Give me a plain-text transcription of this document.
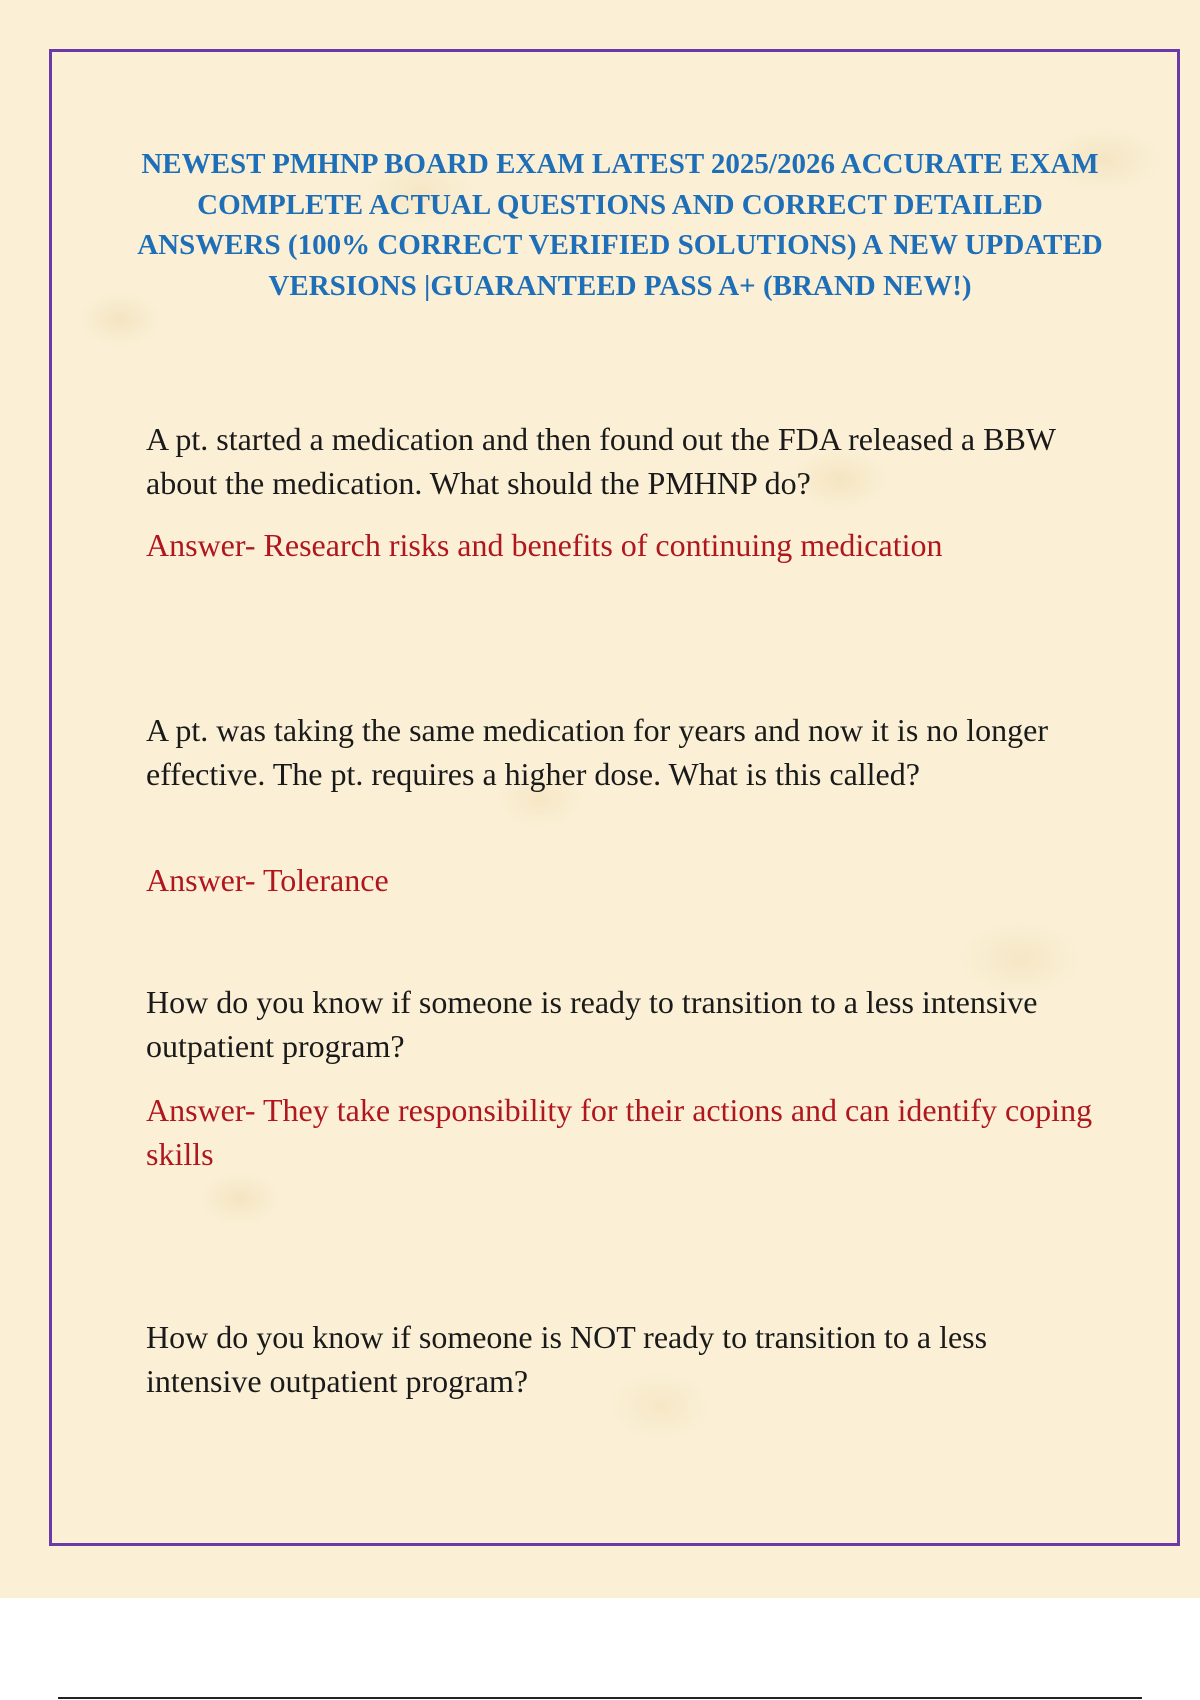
NEWEST PMHNP BOARD EXAM LATEST 2025/2026 ACCURATE EXAM COMPLETE ACTUAL QUESTIONS AND CORRECT DETAILED ANSWERS (100% CORRECT VERIFIED SOLUTIONS) A NEW UPDATED VERSIONS |GUARANTEED PASS A+ (BRAND NEW!)

A pt. started a medication and then found out the FDA released a BBW about the medication. What should the PMHNP do?

Answer- Research risks and benefits of continuing medication

A pt. was taking the same medication for years and now it is no longer effective. The pt. requires a higher dose. What is this called?

Answer- Tolerance

How do you know if someone is ready to transition to a less intensive outpatient program?

Answer- They take responsibility for their actions and can identify coping skills

How do you know if someone is NOT ready to transition to a less intensive outpatient program?
